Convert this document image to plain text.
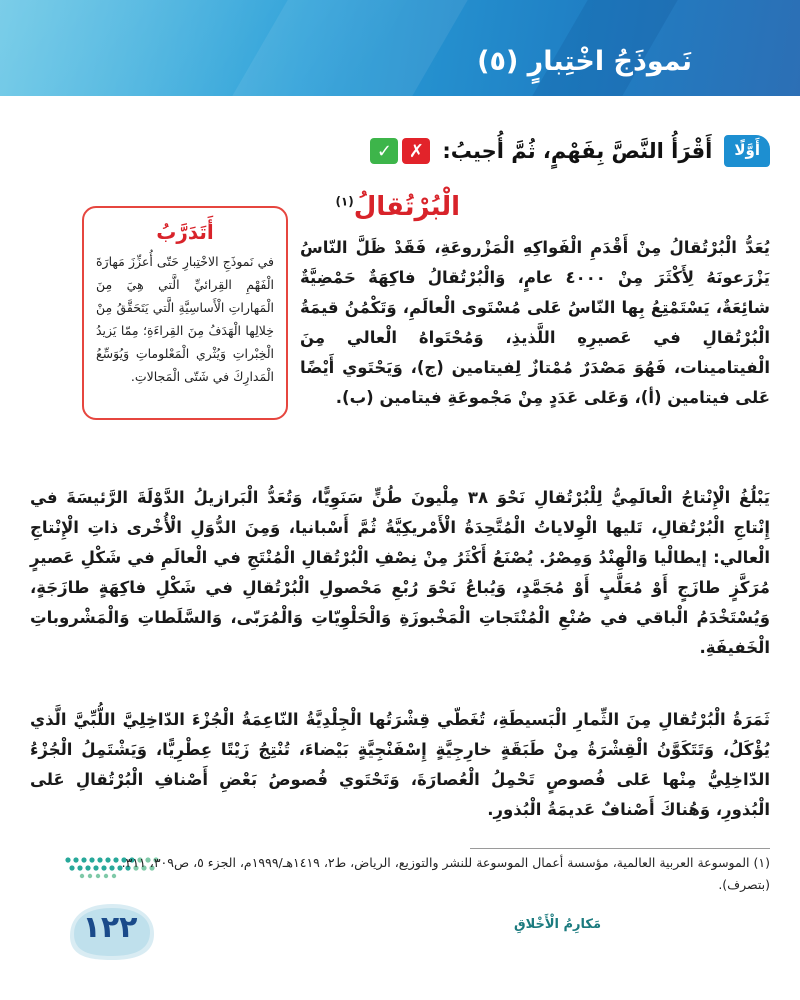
نَموذَجُ اخْتِبارٍ (٥)
أَوَّلًا
أَقْرَأُ النَّصَّ بِفَهْمٍ، ثُمَّ أُجيبُ:
✓ ✗
الْبُرْتُقالُ$^{(١)}$
أَتَدَرَّبُ
في نَموذَجِ الاخْتِبارِ حَتّى أُعزِّزَ مَهارَةَ الْفَهْمِ القِرائيِّ الَّتي هِيَ مِنَ الْمَهاراتِ الْأَساسِيَّةِ الَّتي يَتَحَقَّقُ مِنْ خِلالِها الْهَدَفُ مِنَ القِراءَةِ؛ مِمّا يَزيدُ الْخِبْراتِ وَيُثْري الْمَعْلوماتِ وَيُوَسِّعُ الْمَدارِكَ في شَتّى الْمَجالاتِ.

يُعَدُّ الْبُرْتُقالُ مِنْ أَقْدَمِ الْفَواكِهِ الْمَزْروعَةِ، فَقَدْ ظَلَّ النّاسُ يَزْرَعونَهُ لِأَكْثَرَ مِنْ ٤٠٠٠ عامٍ، وَالْبُرْتُقالُ فاكِهَةٌ حَمْضِيَّةٌ شائِعَةٌ، يَسْتَمْتِعُ بِها النّاسُ عَلى مُسْتَوى الْعالَمِ، وَتَكْمُنُ قيمَةُ الْبُرْتُقالِ في عَصيرِهِ اللَّذيذِ، وَمُحْتَواهُ الْعالي مِنَ الْفيتامينات، فَهُوَ مَصْدَرٌ مُمْتازٌ لِفيتامين (ج)، وَيَحْتَوي أَيْضًا عَلى فيتامين (أ)، وَعَلى عَدَدٍ مِنْ مَجْموعَةِ فيتامين (ب).

يَبْلُغُ الْإِنْتاجُ الْعالَمِيُّ لِلْبُرْتُقالِ نَحْوَ ٣٨ مِلْيونَ طُنٍّ سَنَوِيًّا، وَتُعَدُّ الْبَرازيلُ الدَّوْلَةَ الرَّئيسَةَ في إِنْتاجِ الْبُرْتُقالِ، تَليها الْوِلاياتُ الْمُتَّحِدَةُ الْأَمْريكِيَّةُ ثُمَّ أَسْبانيا، وَمِنَ الدُّوَلِ الْأُخْرى ذاتِ الْإِنْتاجِ الْعالي: إيطالْيا وَالْهِنْدُ وَمِصْرُ. يُصْنَعُ أَكْثَرُ مِنْ نِصْفِ الْبُرْتُقالِ الْمُنْتَجِ في الْعالَمِ في شَكْلِ عَصيرٍ مُرَكَّزٍ طازَجٍ أَوْ مُعَلَّبٍ أَوْ مُجَمَّدٍ، وَيُباعُ نَحْوَ رُبْعِ مَحْصولِ الْبُرْتُقالِ في شَكْلِ فاكِهَةٍ طازَجَةٍ، وَيُسْتَخْدَمُ الْباقي في صُنْعِ الْمُنْتَجاتِ الْمَخْبوزَةِ وَالْحَلْوِيّاتِ وَالْمُرَبّى، وَالسَّلَطاتِ وَالْمَشْروباتِ الْخَفيفَةِ.

ثَمَرَةُ الْبُرْتُقالِ مِنَ الثِّمارِ الْبَسيطَةِ، تُغَطّي قِشْرَتُها الْجِلْدِيَّةُ النّاعِمَةُ الْجُزْءَ الدّاخِلِيَّ اللُّبِّيَّ الَّذي يُؤْكَلُ، وَتَتَكَوَّنُ الْقِشْرَةُ مِنْ طَبَقَةٍ خارِجِيَّةٍ إِسْفَنْجِيَّةٍ بَيْضاءَ، تُنْتِجُ زَيْتًا عِطْرِيًّا، وَيَشْتَمِلُ الْجُزْءُ الدّاخِلِيُّ مِنْها عَلى فُصوصٍ تَحْمِلُ الْعُصارَةَ، وَتَحْتَوي فُصوصُ بَعْضِ أَصْنافِ الْبُرْتُقالِ عَلى الْبُذورِ، وَهُناكَ أَصْنافٌ عَديمَةُ الْبُذورِ.

(١) الموسوعة العربية العالمية، مؤسسة أعمال الموسوعة للنشر والتوزيع، الرياض، ط٢، ١٤١٩هـ/١٩٩٩م، الجزء ٥، ص٣٠٩، ٣١١. (بتصرف).
١٢٢	مَكارِمُ الْأَخْلاقِ
